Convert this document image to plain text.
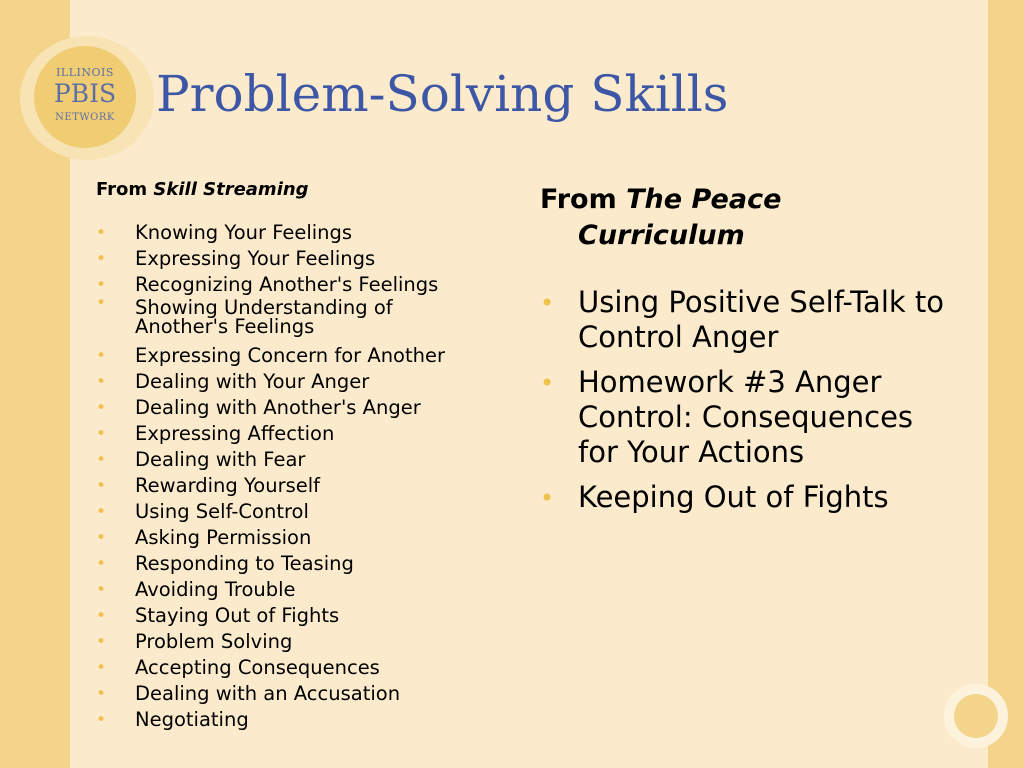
ILLINOIS
PBIS
NETWORK Problem-Solving Skills
From Skill Streaming
• Knowing Your Feelings
• Expressing Your Feelings
• Recognizing Another's Feelings
• Showing Understanding of Another's Feelings
• Expressing Concern for Another
• Dealing with Your Anger
• Dealing with Another's Anger
• Expressing Affection
• Dealing with Fear
• Rewarding Yourself
• Using Self-Control
• Asking Permission
• Responding to Teasing
• Avoiding Trouble
• Staying Out of Fights
• Problem Solving
• Accepting Consequences
• Dealing with an Accusation
• Negotiating
From The Peace
Curriculum
• Using Positive Self-Talk to Control Anger
• Homework #3 Anger Control: Consequences for Your Actions
• Keeping Out of Fights
